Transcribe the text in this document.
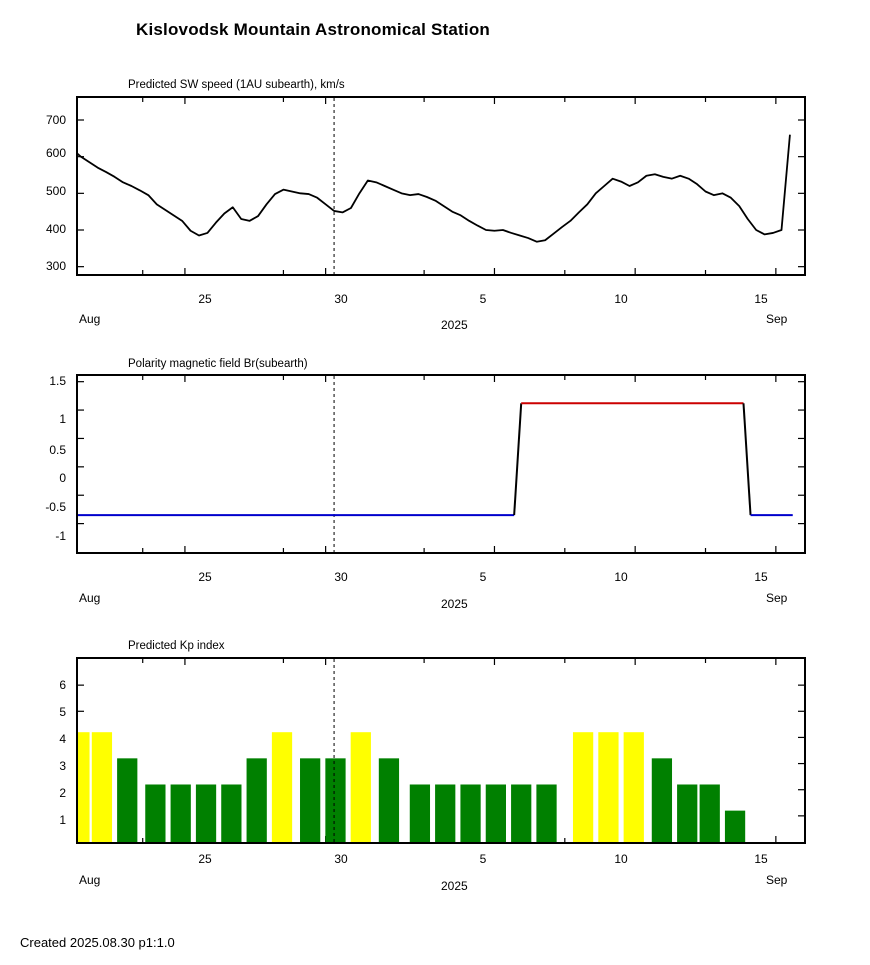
Kislovodsk Mountain Astronomical Station
Predicted SW speed (1AU subearth), km/s
700
600
500
400
300
25	30	5	10	15
Aug	Sep
2025
Polarity magnetic field Br(subearth)
1.5
1
0.5
0
-0.5
-1
25	30	5	10	15
Aug	Sep
2025
Predicted Kp index
6
5
4
3
2
1
25	30	5	10	15
Aug	Sep
2025
Created 2025.08.30 p1:1.0
